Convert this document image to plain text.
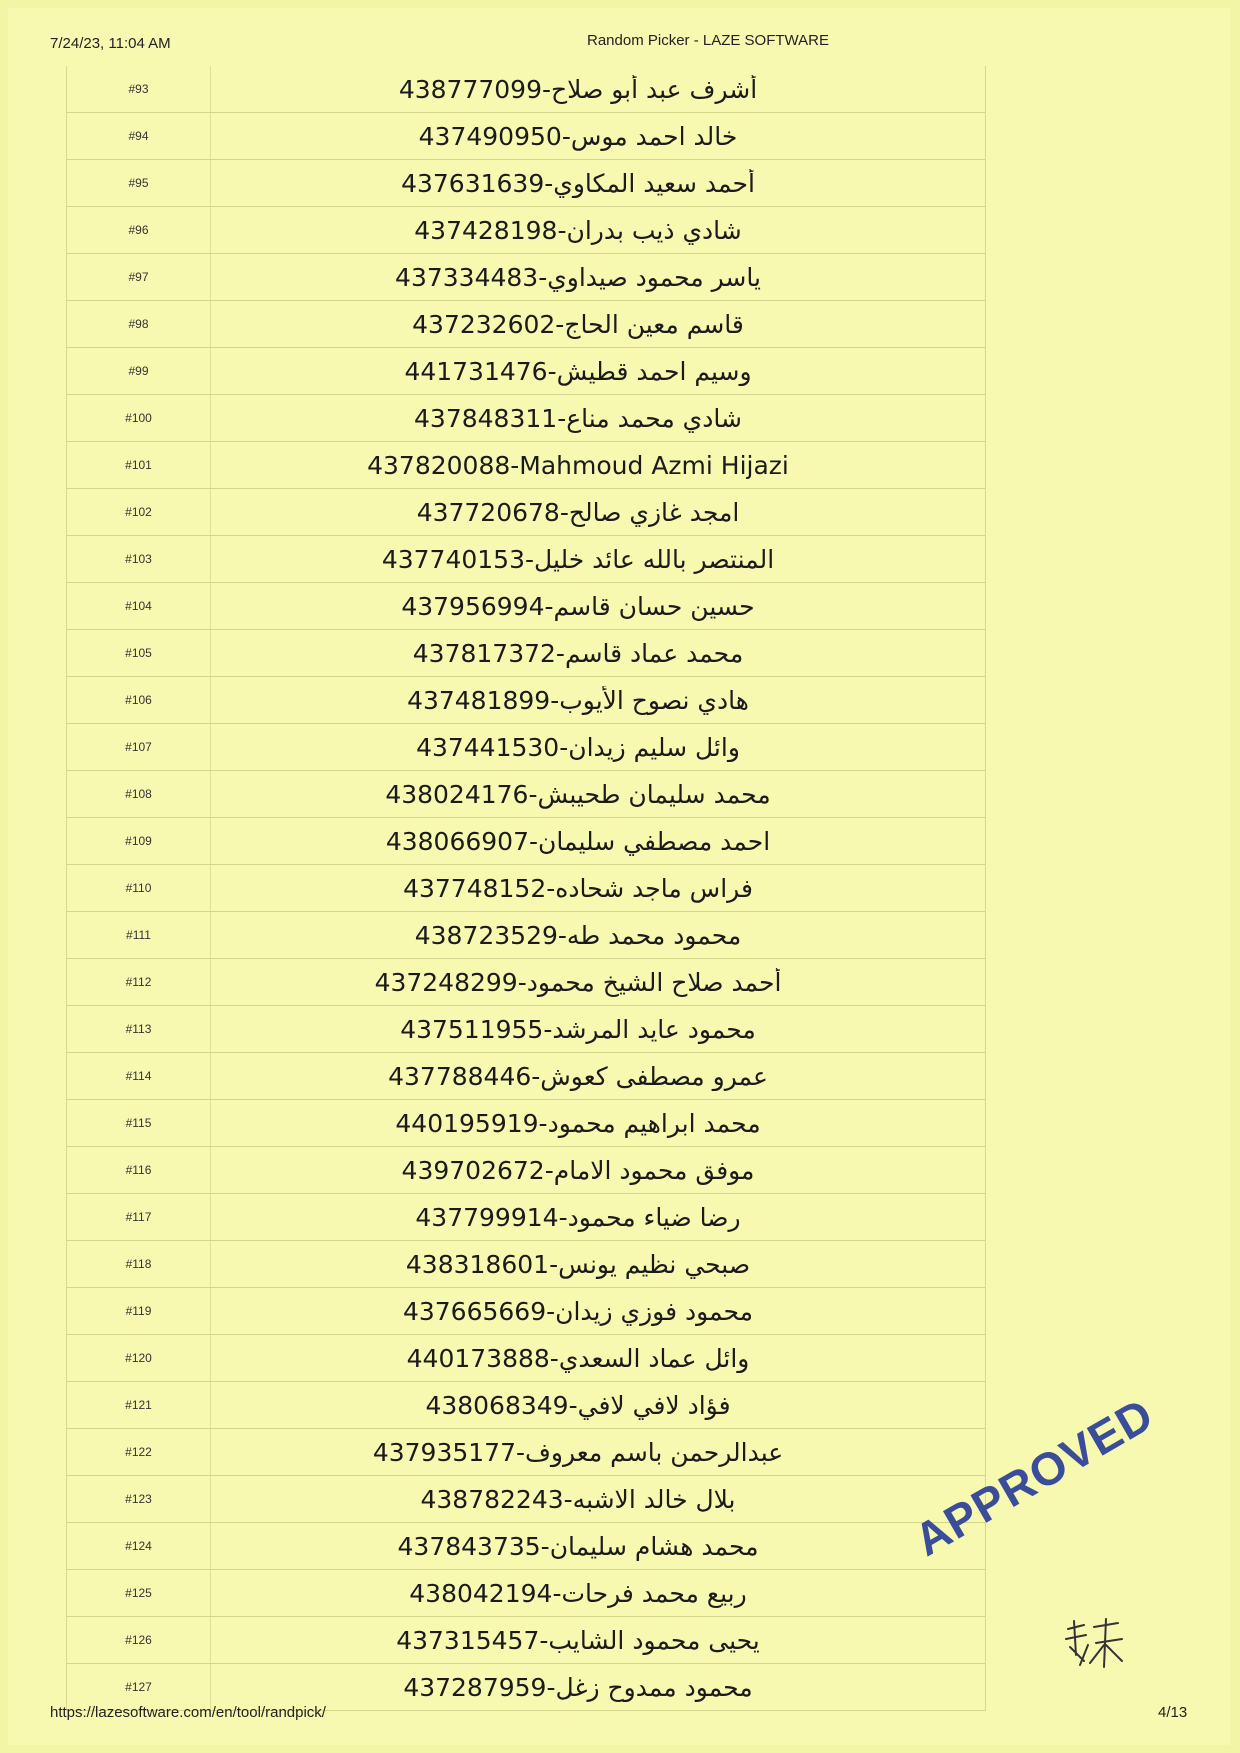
7/24/23, 11:04 AM	Random Picker - LAZE SOFTWARE
#93	أشرف عبد أبو صلاح-438777099
#94	خالد احمد موس-437490950
#95	أحمد سعيد المكاوي-437631639
#96	شادي ذيب بدران-437428198
#97	ياسر محمود صيداوي-437334483
#98	قاسم معين الحاج-437232602
#99	وسيم احمد قطيش-441731476
#100	شادي محمد مناع-437848311
#101	437820088-Mahmoud Azmi Hijazi
#102	امجد غازي صالح-437720678
#103	المنتصر بالله عائد خليل-437740153
#104	حسين حسان قاسم-437956994
#105	محمد عماد قاسم-437817372
#106	هادي نصوح الأيوب-437481899
#107	وائل سليم زيدان-437441530
#108	محمد سليمان طحيبش-438024176
#109	احمد مصطفي سليمان-438066907
#110	فراس ماجد شحاده-437748152
#111	محمود محمد طه-438723529
#112	أحمد صلاح الشيخ محمود-437248299
#113	محمود عايد المرشد-437511955
#114	عمرو مصطفى كعوش-437788446
#115	محمد ابراهيم محمود-440195919
#116	موفق محمود الامام-439702672
#117	رضا ضياء محمود-437799914
#118	صبحي نظيم يونس-438318601
#119	محمود فوزي زيدان-437665669
#120	وائل عماد السعدي-440173888
#121	فؤاد لافي لافي-438068349
#122	عبدالرحمن باسم معروف-437935177
#123	بلال خالد الاشبه-438782243
#124	محمد هشام سليمان-437843735
#125	ربيع محمد فرحات-438042194
#126	يحيى محمود الشايب-437315457
#127	محمود ممدوح زغل-437287959
APPROVED
https://lazesoftware.com/en/tool/randpick/	4/13
